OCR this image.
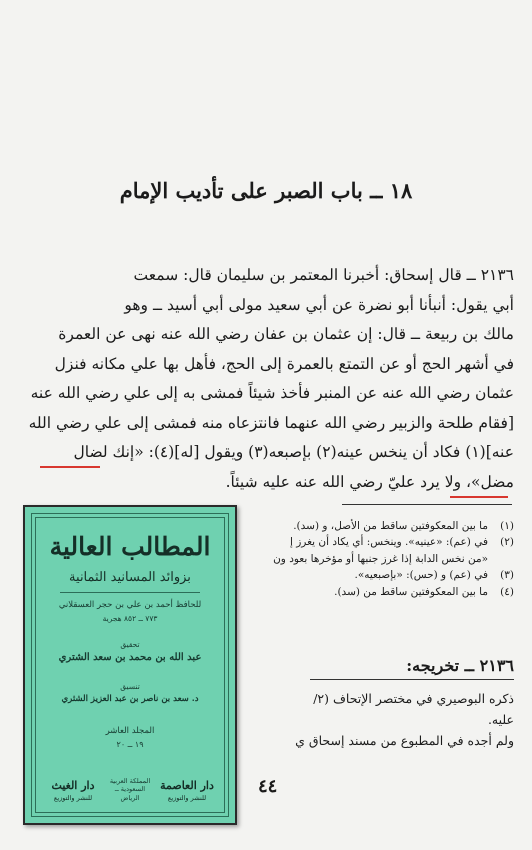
١٨ ــ باب الصبر على تأديب الإمام
٢١٣٦ ــ قال إسحاق: أخبرنا المعتمر بن سليمان قال: سمعت
أبي يقول: أنبأنا أبو نضرة عن أبي سعيد مولى أبي أسيد ــ وهو
مالك بن ربيعة ــ قال: إن عثمان بن عفان رضي الله عنه نهى عن العمرة
في أشهر الحج أو عن التمتع بالعمرة إلى الحج، فأهل بها علي مكانه فنزل
عثمان رضي الله عنه عن المنبر فأخذ شيئاً فمشى به إلى علي رضي الله عنه
[فقام طلحة والزبير رضي الله عنهما فانتزعاه منه فمشى إلى علي رضي الله
عنه](١) فكاد أن ينخس عينه(٢) بإصبعه(٣) ويقول [له](٤): «إنك لضال
مضل»، ولا يرد عليّ رضي الله عنه عليه شيئاً.
(١)ما بين المعكوفتين ساقط من الأصل، و (سد).
(٢)في (عم): «عينيه». وينخس: أي يكاد أن يغرز إ
«من نخس الدابة إذا غرز جنبها أو مؤخرها بعود ون
(٣)في (عم) و (حس): «بإصبعيه».
(٤)ما بين المعكوفتين ساقط من (سد).
٢١٣٦ ــ تخريجه:
ذكره البوصيري في مختصر الإتحاف (٢/
عليه.
ولم أجده في المطبوع من مسند إسحاق ي
٤٤
المطالب العالية
بزوائد المسانيد الثمانية
للحافظ أحمد بن علي بن حجر العسقلاني
٧٧٣ ــ ٨٥٢ هجرية
تحقيق
عبد الله بن محمد بن سعد الشتري
تنسيق
د. سعد بن ناصر بن عبد العزيز الشثري
المجلد العاشر
١٩ ــ ٢٠
دار العاصمة
للنشر والتوزيع
المملكة العربية السعودية ــ الرياض
دار الغيث
للنشر والتوزيع
